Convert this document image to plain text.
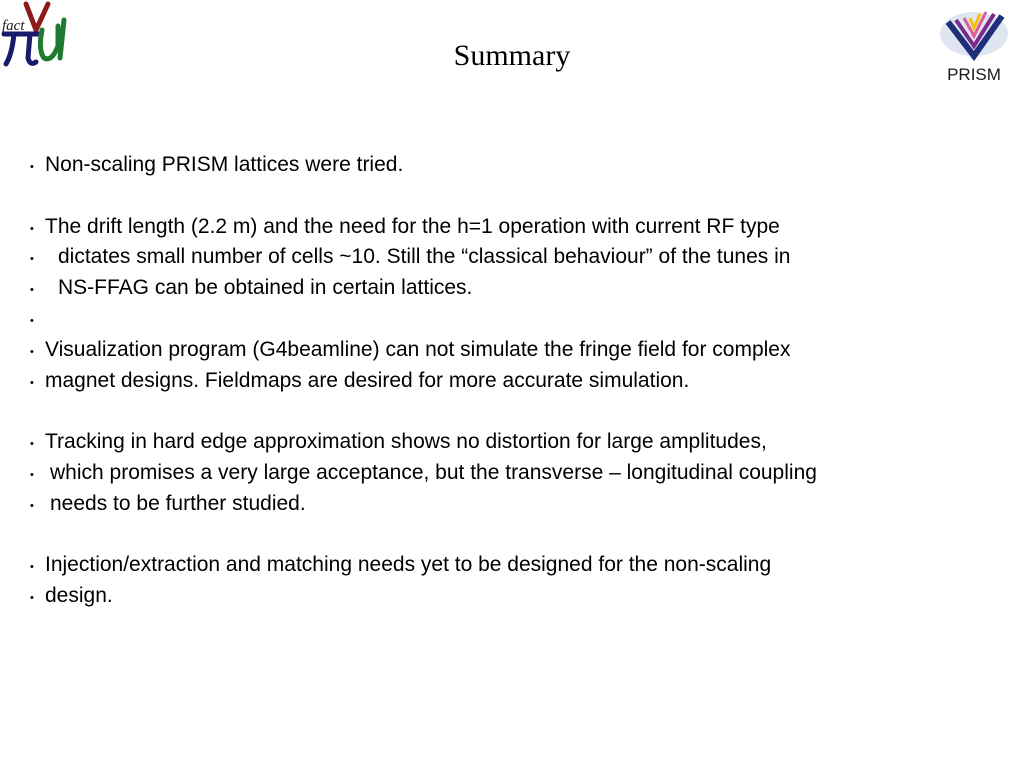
fact
PRISM
Summary
• Non-scaling PRISM lattices were tried.
• The drift length (2.2 m) and the need for the h=1 operation with current RF type
• dictates small number of cells ~10. Still the “classical behaviour” of the tunes in
• NS-FFAG can be obtained in certain lattices.
•
• Visualization program (G4beamline) can not simulate the fringe field for complex
• magnet designs. Fieldmaps are desired for more accurate simulation.
• Tracking in hard edge approximation shows no distortion for large amplitudes,
• which promises a very large acceptance, but the transverse – longitudinal coupling
• needs to be further studied.
• Injection/extraction and matching needs yet to be designed for the non-scaling
• design.
